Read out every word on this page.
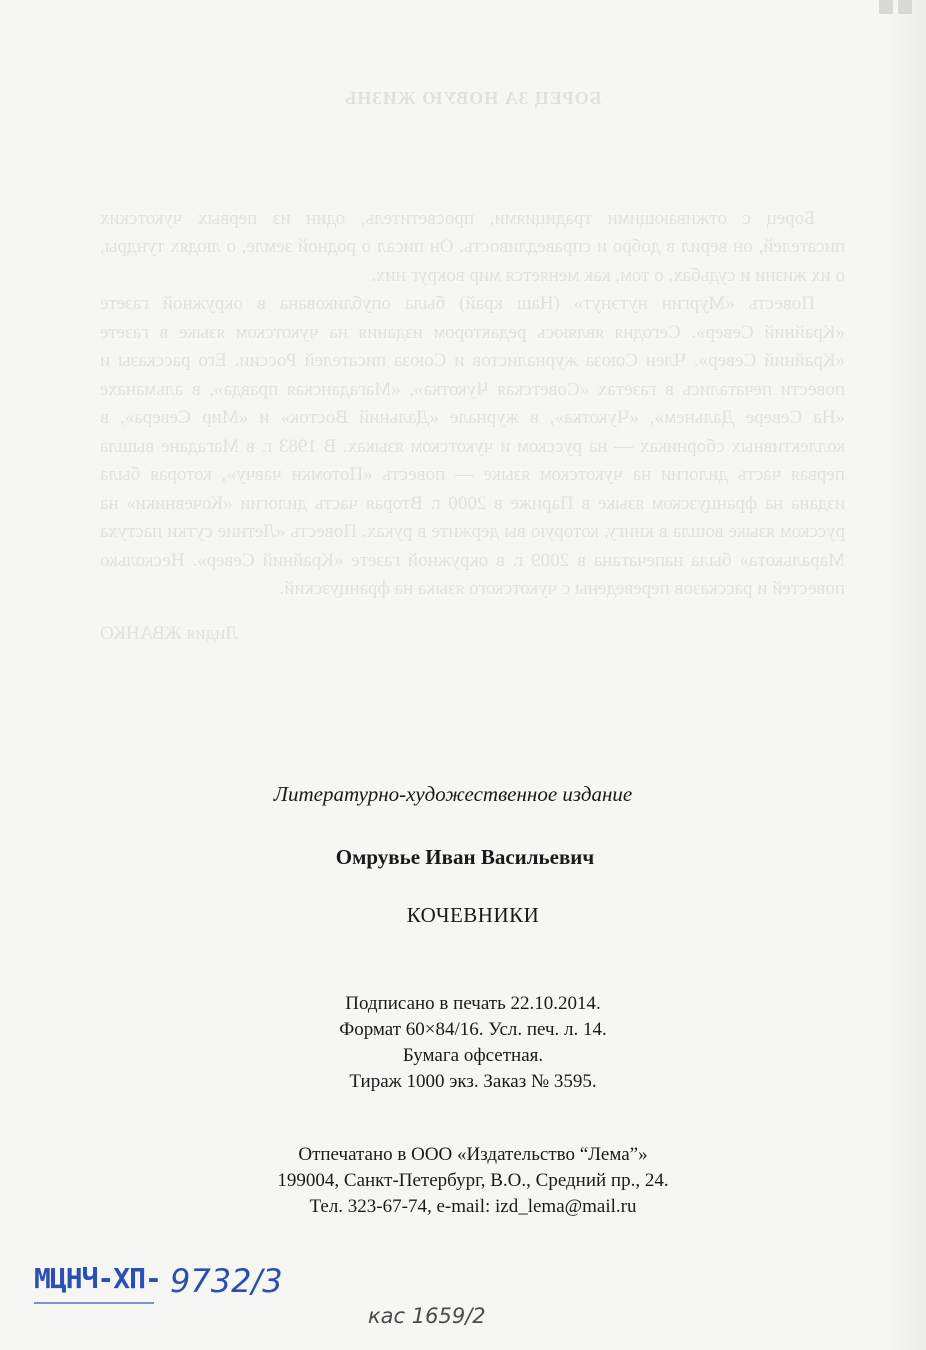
БОРЕЦ ЗА НОВУЮ ЖИЗНЬ

Борец с отживающими традициями, просветитель, один из первых чукотских писателей, он верил в добро и справедливость. Он писал о родной земле, о людях тундры, о их жизни и судьбах, о том, как меняется мир вокруг них.

Повесть «Мургин нутэнут» (Наш край) была опубликована в окружной газете «Крайний Север». Сегодня являюсь редактором издания на чукотском языке в газете «Крайний Север». Член Союза журналистов и Союза писателей России. Его рассказы и повести печатались в газетах «Советская Чукотка», «Магаданская правда», в альманахе «На Севере Дальнем», «Чукотка», в журнале «Дальний Восток» и «Мир Севера», в коллективных сборниках — на русском и чукотском языках. В 1983 г. в Магадане вышла первая часть дилогии на чукотском языке — повесть «Потомки чавчу», которая была издана на французском языке в Париже в 2000 г. Вторая часть дилогии «Кочевники» на русском языке вошла в книгу, которую вы держите в руках. Повесть «Летние сутки пастуха Маралькота» была напечатана в 2009 г. в окружной газете «Крайний Север». Несколько повестей и рассказов переведены с чукотского языка на французский.

Лидия ЖВАНКО
Литературно-художественное издание
Омрувье Иван Васильевич
КОЧЕВНИКИ
Подписано в печать 22.10.2014.
Формат 60×84/16. Усл. печ. л. 14.
Бумага офсетная.
Тираж 1000 экз. Заказ № 3595.
Отпечатано в ООО «Издательство “Лема”»
199004, Санкт-Петербург, В.О., Средний пр., 24.
Тел. 323-67-74, e-mail: izd_lema@mail.ru
МЦНЧ-ХП- 9732/3
кас 1659/2
